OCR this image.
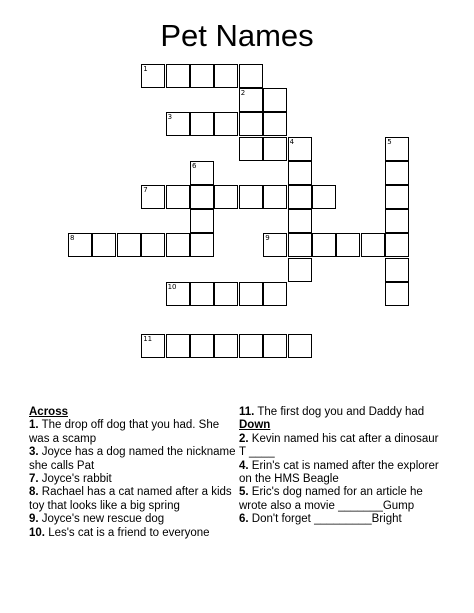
Pet Names
1
2
3
4	5
6
7
8	9
10
11
Across
1. The drop off dog that you had. She was a scamp
3. Joyce has a dog named the nickname she calls Pat
7. Joyce's rabbit
8. Rachael has a cat named after a kids toy that looks like a big spring
9. Joyce's new rescue dog
10. Les's cat is a friend to everyone
11. The first dog you and Daddy had
Down
2. Kevin named his cat after a dinosaur T ____
4. Erin's cat is named after the explorer on the HMS Beagle
5. Eric's dog named for an article he wrote also a movie _______Gump
6. Don't forget _________Bright
